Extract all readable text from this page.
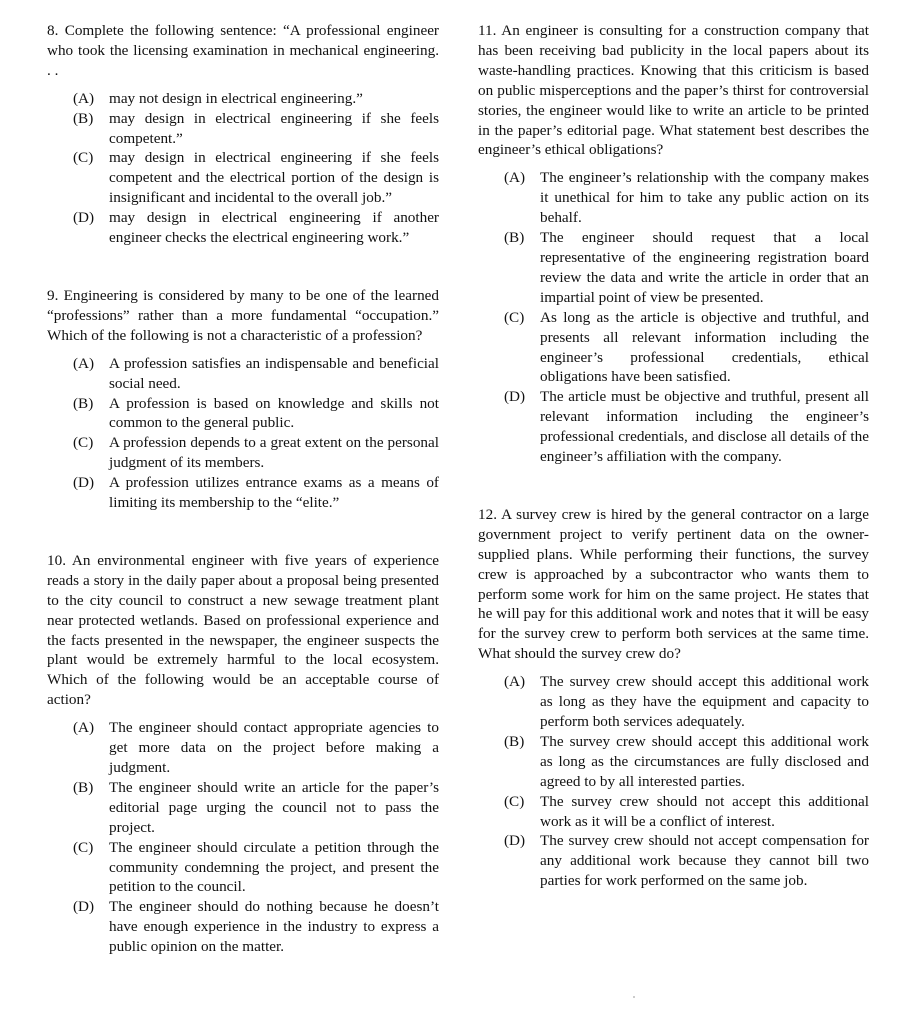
8. Complete the following sentence: “A professional engineer who took the licensing examination in mechanical engineering. . .

(A) may not design in electrical engineering.”
(B)	may design in electrical engineering if she feels competent.”
(C)	may design in electrical engineering if she feels competent and the electrical portion of the design is insignificant and incidental to the overall job.”
(D) may design in electrical engineering if another engineer checks the electrical engineering work.”

9. Engineering is considered by many to be one of the learned “professions” rather than a more fundamental “occupation.” Which of the following is not a characteristic of a profession?

(A) A profession satisfies an indispensable and beneficial social need.
(B)	A profession is based on knowledge and skills not common to the general public.
(C)	A profession depends to a great extent on the personal judgment of its members.
(D) A profession utilizes entrance exams as a means of limiting its membership to the “elite.”

10. An environmental engineer with five years of experience reads a story in the daily paper about a proposal being presented to the city council to construct a new sewage treatment plant near protected wetlands. Based on professional experience and the facts presented in the newspaper, the engineer suspects the plant would be extremely harmful to the local ecosystem. Which of the following would be an acceptable course of action?

(A) The engineer should contact appropriate agencies to get more data on the project before making a judgment.
(B)	The engineer should write an article for the paper’s editorial page urging the council not to pass the project.
(C)	The engineer should circulate a petition through the community condemning the project, and present the petition to the council.
(D) The engineer should do nothing because he doesn’t have enough experience in the industry to express a public opinion on the matter.

11. An engineer is consulting for a construction company that has been receiving bad publicity in the local papers about its waste-handling practices. Knowing that this criticism is based on public misperceptions and the paper’s thirst for controversial stories, the engineer would like to write an article to be printed in the paper’s editorial page. What statement best describes the engineer’s ethical obligations?

(A) The engineer’s relationship with the company makes it unethical for him to take any public action on its behalf.
(B)	The engineer should request that a local representative of the engineering registration board review the data and write the article in order that an impartial point of view be presented.
(C)	As long as the article is objective and truthful, and presents all relevant information including the engineer’s professional credentials, ethical obligations have been satisfied.
(D) The article must be objective and truthful, present all relevant information including the engineer’s professional credentials, and disclose all details of the engineer’s affiliation with the company.

12. A survey crew is hired by the general contractor on a large government project to verify pertinent data on the owner-supplied plans. While performing their functions, the survey crew is approached by a subcontractor who wants them to perform some work for him on the same project. He states that he will pay for this additional work and notes that it will be easy for the survey crew to perform both services at the same time. What should the survey crew do?

(A) The survey crew should accept this additional work as long as they have the equipment and capacity to perform both services adequately.
(B)	The survey crew should accept this additional work as long as the circumstances are fully disclosed and agreed to by all interested parties.
(C)	The survey crew should not accept this additional work as it will be a conflict of interest.
(D) The survey crew should not accept compensation for any additional work because they cannot bill two parties for work performed on the same job.
